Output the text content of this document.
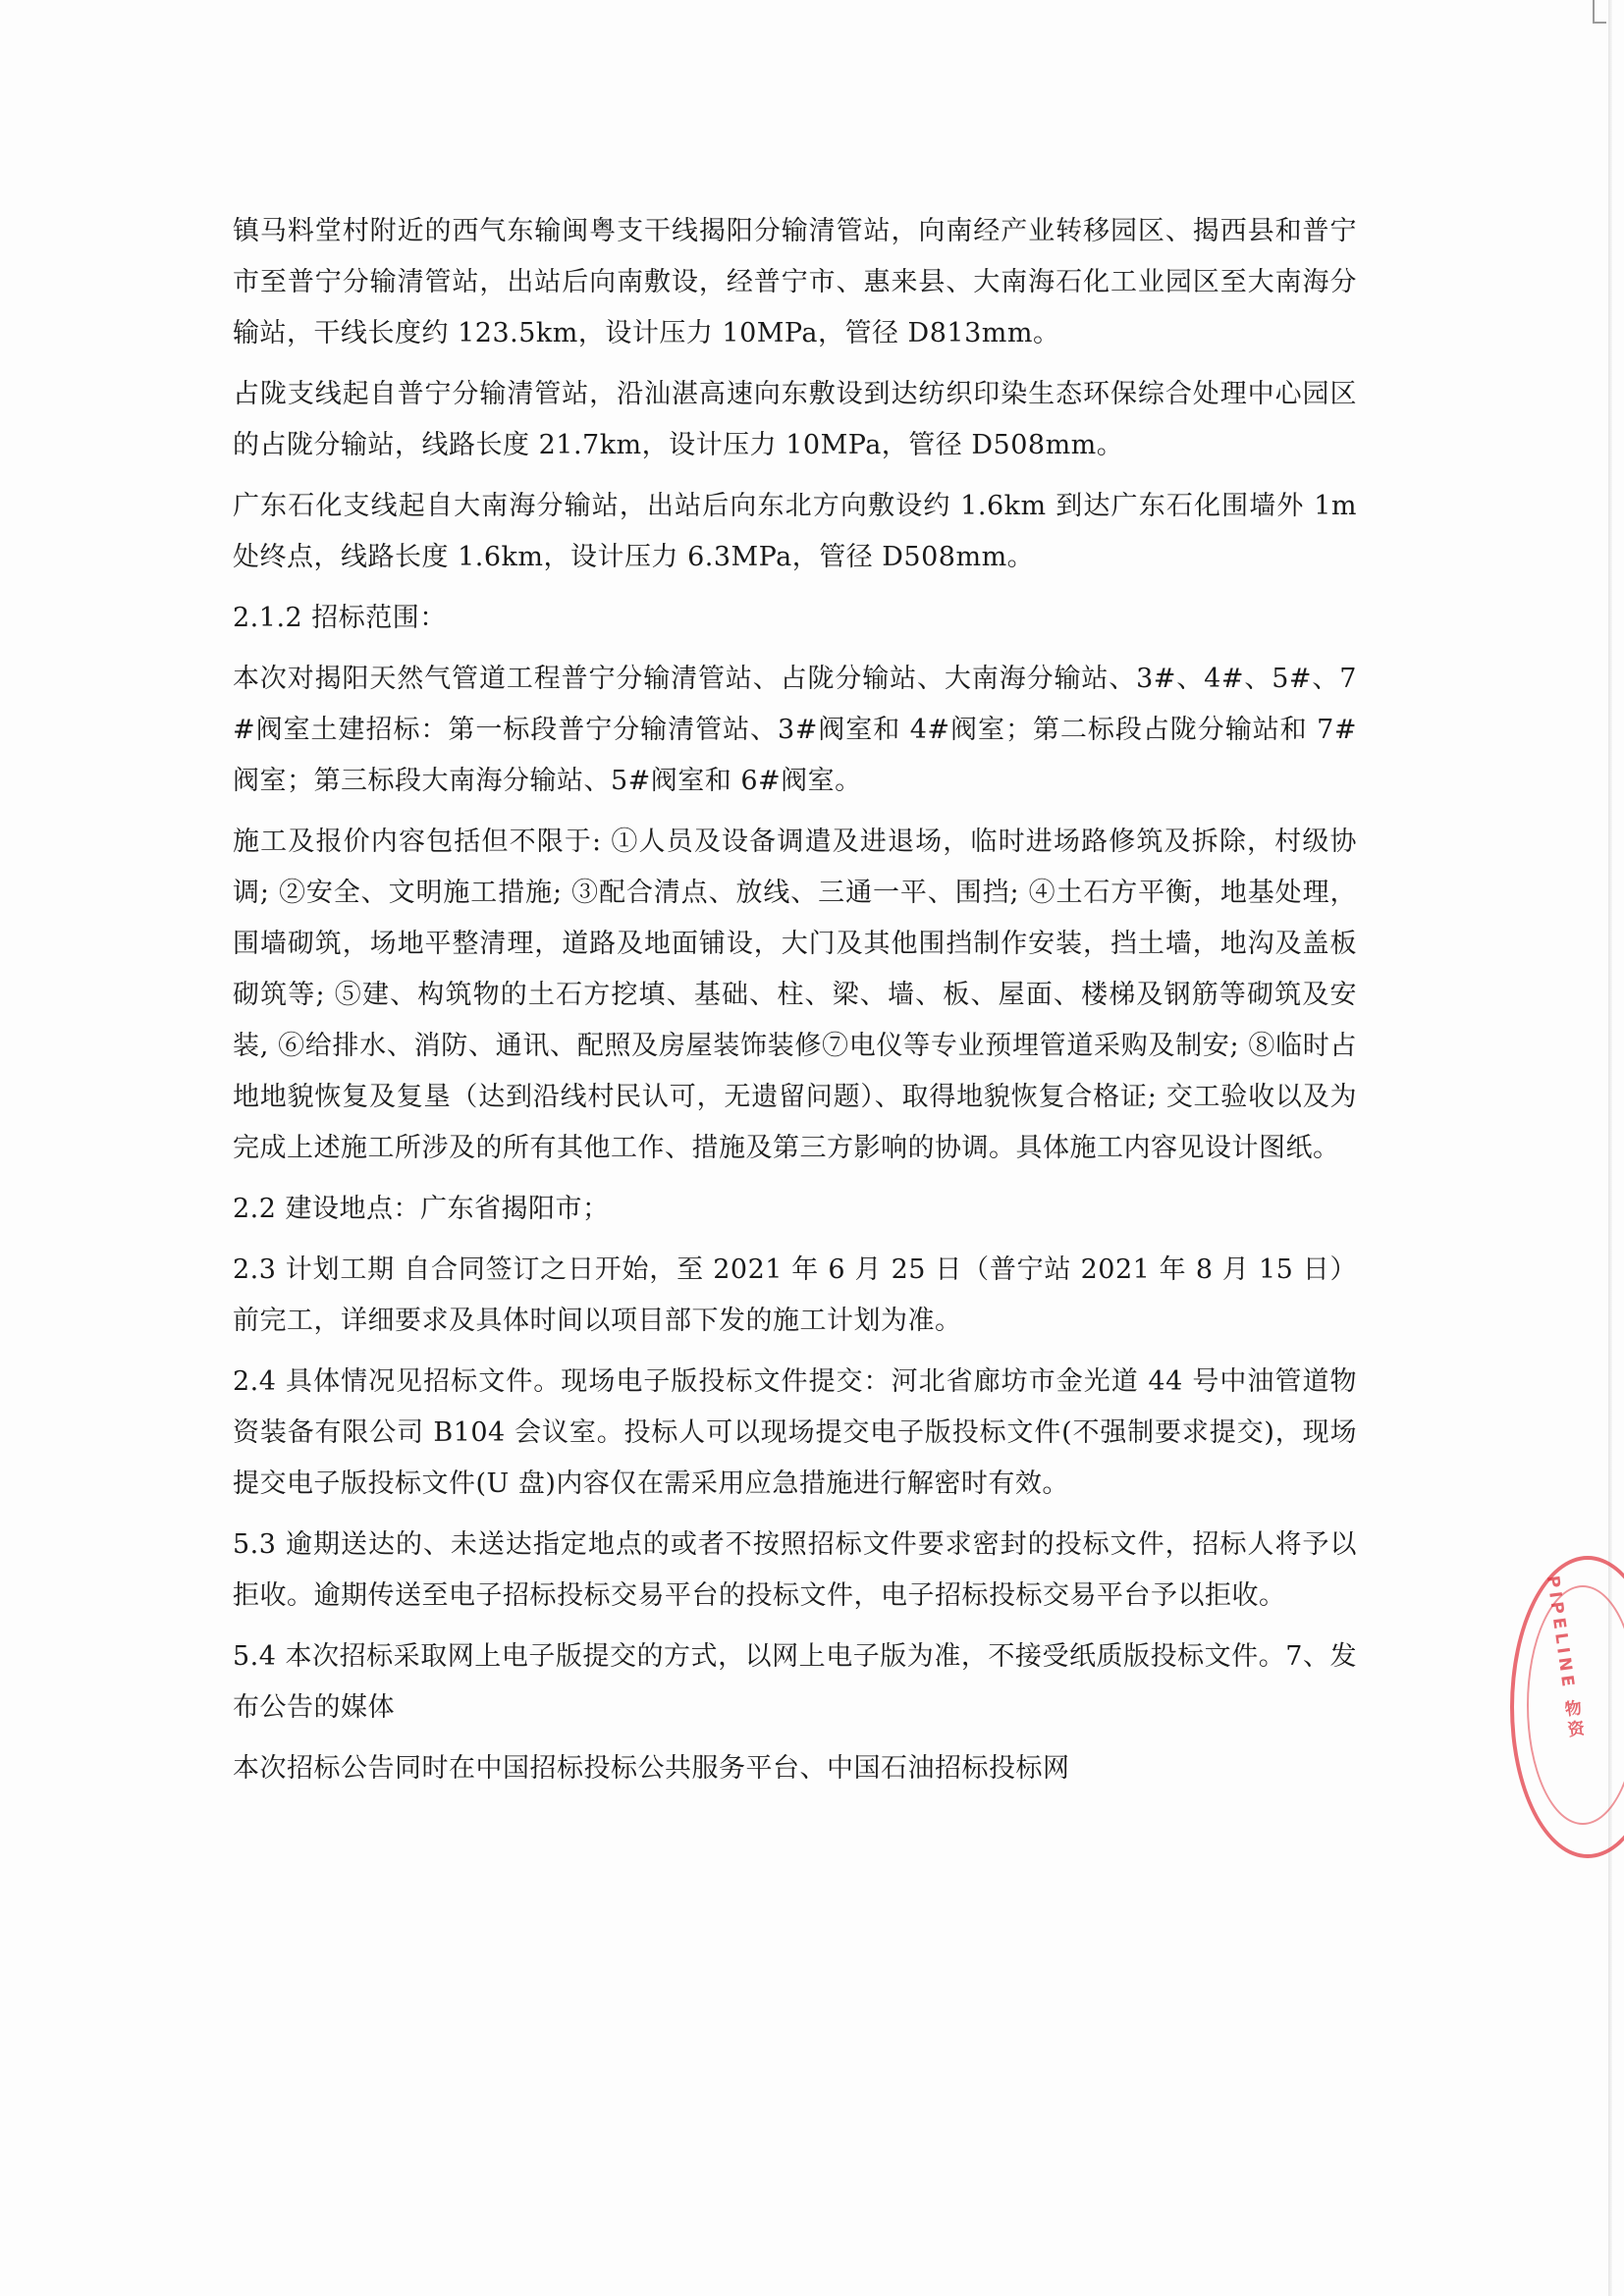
镇马料堂村附近的西气东输闽粤支干线揭阳分输清管站，向南经产业转移园区、揭西县和普宁市至普宁分输清管站，出站后向南敷设，经普宁市、惠来县、大南海石化工业园区至大南海分输站，干线长度约 123.5km，设计压力 10MPa，管径 D813mm。

占陇支线起自普宁分输清管站，沿汕湛高速向东敷设到达纺织印染生态环保综合处理中心园区的占陇分输站，线路长度 21.7km，设计压力 10MPa，管径 D508mm。

广东石化支线起自大南海分输站，出站后向东北方向敷设约 1.6km 到达广东石化围墙外 1m 处终点，线路长度 1.6km，设计压力 6.3MPa，管径 D508mm。

2.1.2 招标范围：

本次对揭阳天然气管道工程普宁分输清管站、占陇分输站、大南海分输站、3#、4#、5#、7#阀室土建招标：第一标段普宁分输清管站、3#阀室和 4#阀室；第二标段占陇分输站和 7#阀室；第三标段大南海分输站、5#阀室和 6#阀室。

施工及报价内容包括但不限于: ①人员及设备调遣及进退场，临时进场路修筑及拆除，村级协调; ②安全、文明施工措施; ③配合清点、放线、三通一平、围挡; ④土石方平衡，地基处理，围墙砌筑，场地平整清理，道路及地面铺设，大门及其他围挡制作安装，挡土墙，地沟及盖板砌筑等; ⑤建、构筑物的土石方挖填、基础、柱、梁、墙、板、屋面、楼梯及钢筋等砌筑及安装, ⑥给排水、消防、通讯、配照及房屋装饰装修⑦电仪等专业预埋管道采购及制安; ⑧临时占地地貌恢复及复垦（达到沿线村民认可，无遗留问题）、取得地貌恢复合格证; 交工验收以及为完成上述施工所涉及的所有其他工作、措施及第三方影响的协调。具体施工内容见设计图纸。

2.2 建设地点：广东省揭阳市；

2.3 计划工期 自合同签订之日开始，至 2021 年 6 月 25 日（普宁站 2021 年 8 月 15 日）前完工，详细要求及具体时间以项目部下发的施工计划为准。

2.4 具体情况见招标文件。现场电子版投标文件提交：河北省廊坊市金光道 44 号中油管道物资装备有限公司 B104 会议室。投标人可以现场提交电子版投标文件(不强制要求提交)，现场提交电子版投标文件(U 盘)内容仅在需采用应急措施进行解密时有效。

5.3 逾期送达的、未送达指定地点的或者不按照招标文件要求密封的投标文件，招标人将予以拒收。逾期传送至电子招标投标交易平台的投标文件，电子招标投标交易平台予以拒收。

5.4 本次招标采取网上电子版提交的方式，以网上电子版为准，不接受纸质版投标文件。7、发布公告的媒体

本次招标公告同时在中国招标投标公共服务平台、中国石油招标投标网

PIPELINE 物资
